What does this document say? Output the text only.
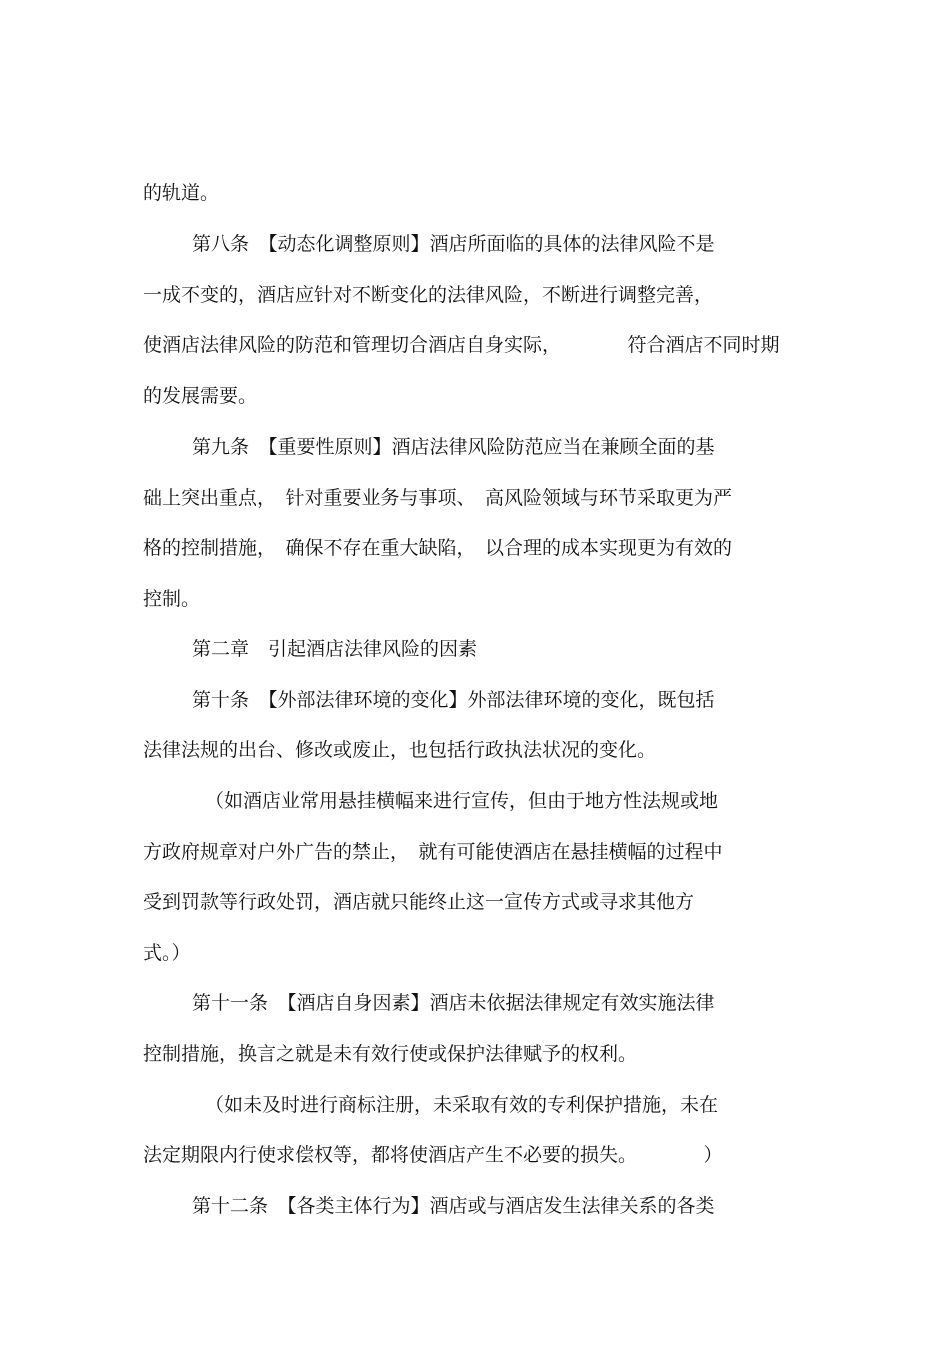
的轨道。
第八条　【动态化调整原则】酒店所面临的具体的法律风险不是
一成不变的，酒店应针对不断变化的法律风险，不断进行调整完善，
使酒店法律风险的防范和管理切合酒店自身实际，　　　　符合酒店不同时期
的发展需要。
第九条　【重要性原则】酒店法律风险防范应当在兼顾全面的基
础上突出重点，　针对重要业务与事项、　高风险领域与环节采取更为严
格的控制措施，　确保不存在重大缺陷，　以合理的成本实现更为有效的
控制。
第二章　引起酒店法律风险的因素
第十条　【外部法律环境的变化】外部法律环境的变化，既包括
法律法规的出台、修改或废止，也包括行政执法状况的变化。
（如酒店业常用悬挂横幅来进行宣传，但由于地方性法规或地
方政府规章对户外广告的禁止，　就有可能使酒店在悬挂横幅的过程中
受到罚款等行政处罚，酒店就只能终止这一宣传方式或寻求其他方
式。）
第十一条　【酒店自身因素】酒店未依据法律规定有效实施法律
控制措施，换言之就是未有效行使或保护法律赋予的权利。
（如未及时进行商标注册，未采取有效的专利保护措施，未在
法定期限内行使求偿权等，都将使酒店产生不必要的损失。　　　　）
第十二条　【各类主体行为】酒店或与酒店发生法律关系的各类
